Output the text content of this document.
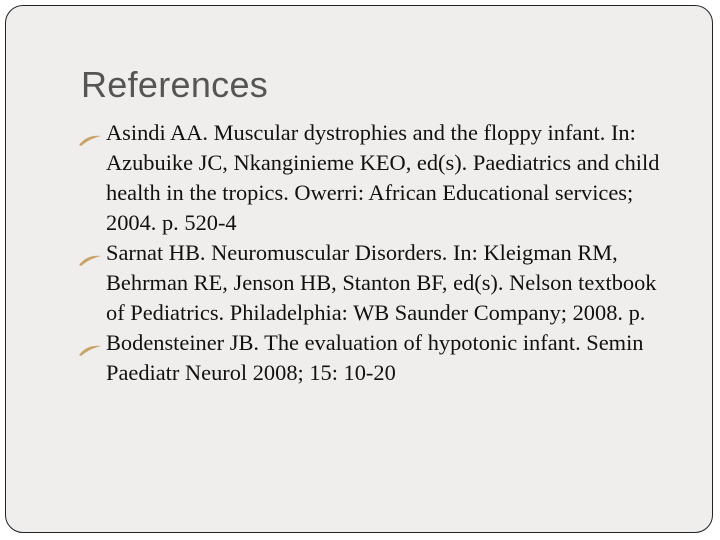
References
Asindi AA. Muscular dystrophies and the floppy infant. In: Azubuike JC, Nkanginieme KEO, ed(s). Paediatrics and child health in the tropics. Owerri: African Educational services; 2004. p. 520-4
Sarnat HB. Neuromuscular Disorders. In: Kleigman RM, Behrman RE, Jenson HB, Stanton BF, ed(s). Nelson textbook of Pediatrics. Philadelphia: WB Saunder Company; 2008. p.
Bodensteiner JB. The evaluation of hypotonic infant. Semin Paediatr Neurol 2008; 15: 10-20
